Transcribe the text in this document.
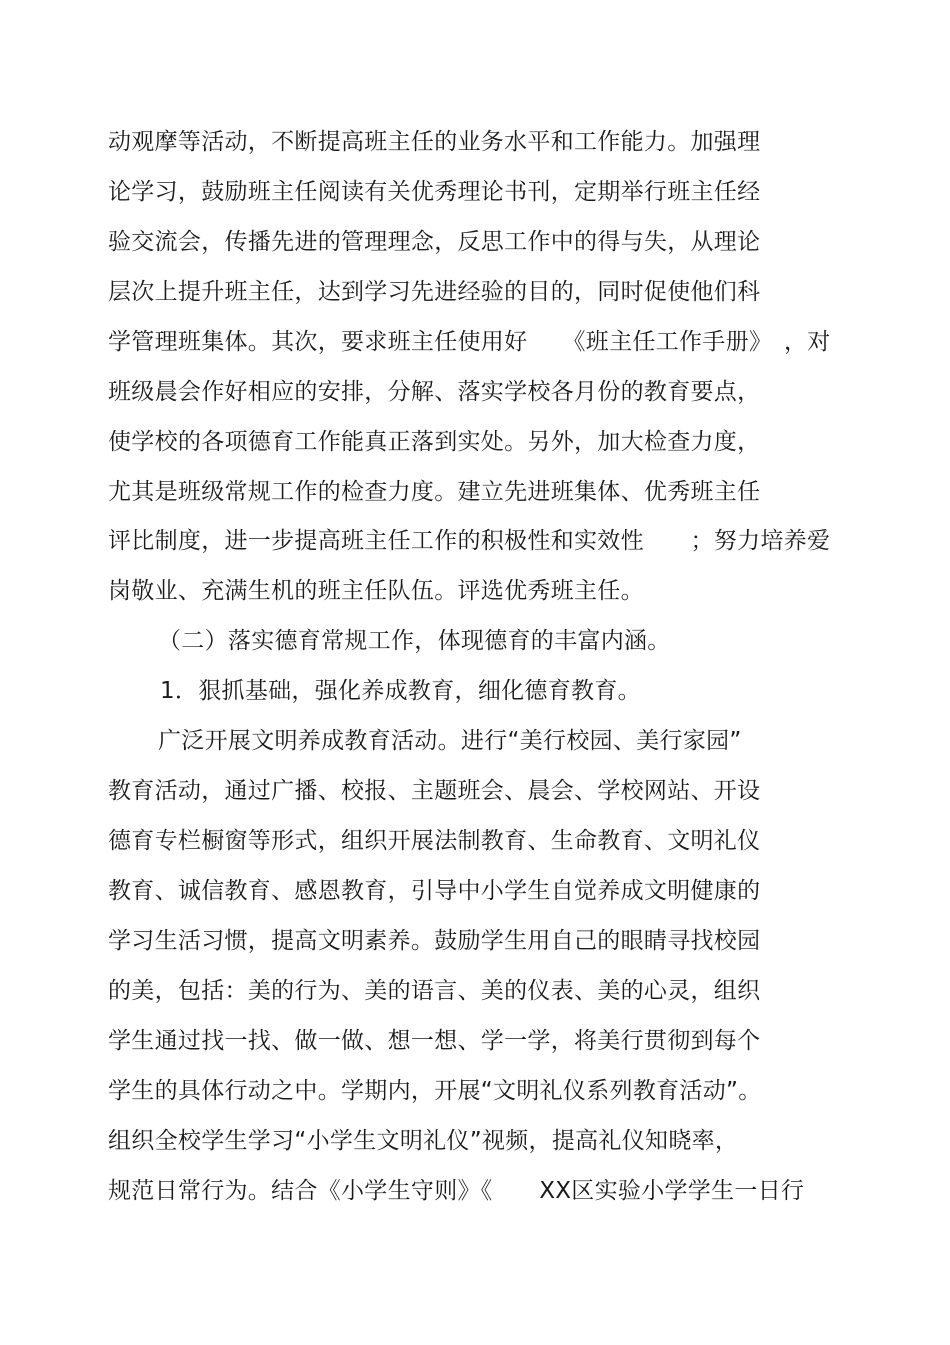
动观摩等活动，不断提高班主任的业务水平和工作能力。加强理
论学习，鼓励班主任阅读有关优秀理论书刊，定期举行班主任经
验交流会，传播先进的管理理念，反思工作中的得与失，从理论
层次上提升班主任，达到学习先进经验的目的，同时促使他们科
学管理班集体。其次，要求班主任使用好　　《班主任工作手册》　，对
班级晨会作好相应的安排，分解、落实学校各月份的教育要点，
使学校的各项德育工作能真正落到实处。另外，加大检查力度，
尤其是班级常规工作的检查力度。建立先进班集体、优秀班主任
评比制度，进一步提高班主任工作的积极性和实效性　　；努力培养爱
岗敬业、充满生机的班主任队伍。评选优秀班主任。
（二）落实德育常规工作，体现德育的丰富内涵。
1．狠抓基础，强化养成教育，细化德育教育。
广泛开展文明养成教育活动。进行“美行校园、美行家园”
教育活动，通过广播、校报、主题班会、晨会、学校网站、开设
德育专栏橱窗等形式，组织开展法制教育、生命教育、文明礼仪
教育、诚信教育、感恩教育，引导中小学生自觉养成文明健康的
学习生活习惯，提高文明素养。鼓励学生用自己的眼睛寻找校园
的美，包括：美的行为、美的语言、美的仪表、美的心灵，组织
学生通过找一找、做一做、想一想、学一学，将美行贯彻到每个
学生的具体行动之中。学期内，开展“文明礼仪系列教育活动”。
组织全校学生学习“小学生文明礼仪”视频，提高礼仪知晓率，
规范日常行为。结合《小学生守则》《　　XX区实验小学学生一日行
